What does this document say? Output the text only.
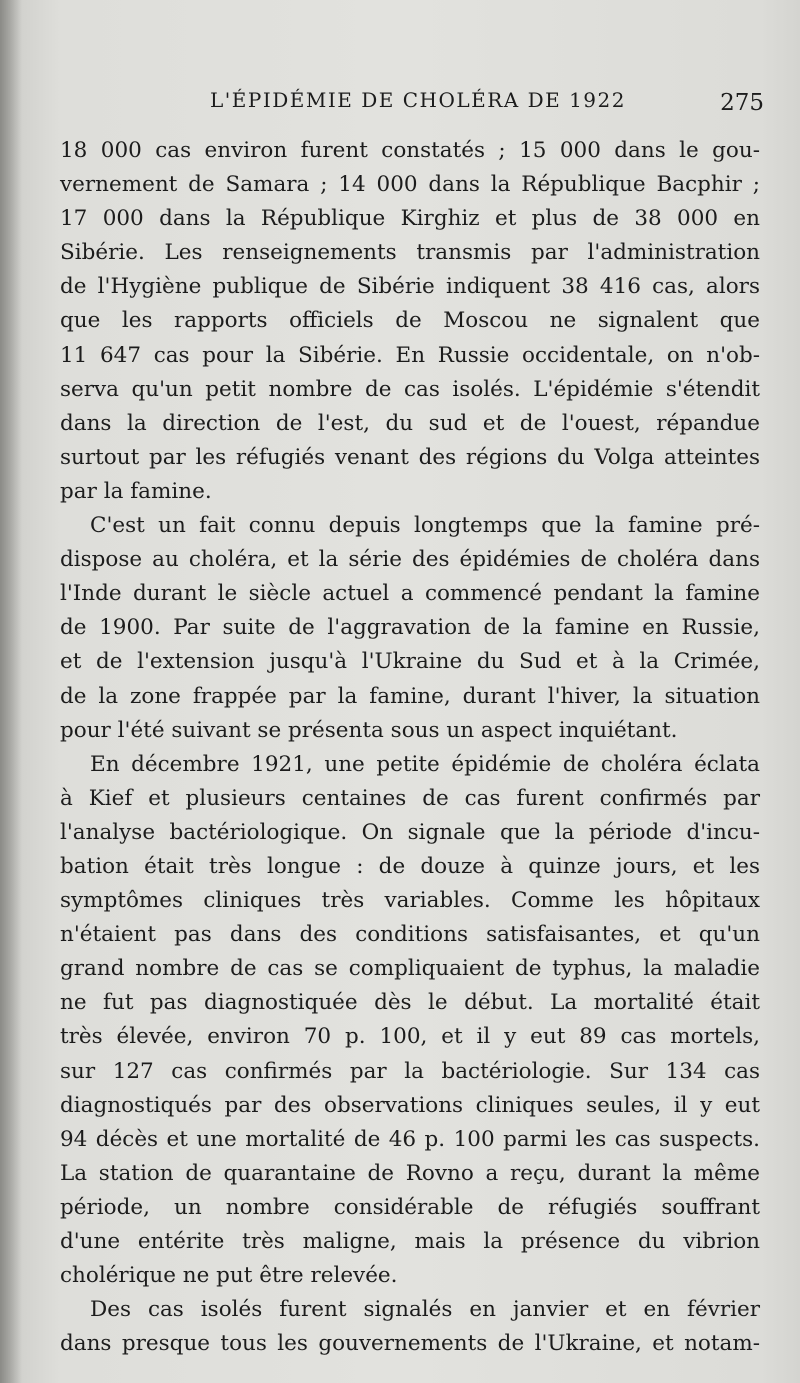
L'ÉPIDÉMIE DE CHOLÉRA DE 1922	275
18 000 cas environ furent constatés ; 15 000 dans le gou-
vernement de Samara ; 14 000 dans la République Bacphir ;
17 000 dans la République Kirghiz et plus de 38 000 en
Sibérie. Les renseignements transmis par l'administration
de l'Hygiène publique de Sibérie indiquent 38 416 cas, alors
que les rapports officiels de Moscou ne signalent que
11 647 cas pour la Sibérie. En Russie occidentale, on n'ob-
serva qu'un petit nombre de cas isolés. L'épidémie s'étendit
dans la direction de l'est, du sud et de l'ouest, répandue
surtout par les réfugiés venant des régions du Volga atteintes
par la famine.
C'est un fait connu depuis longtemps que la famine pré-
dispose au choléra, et la série des épidémies de choléra dans
l'Inde durant le siècle actuel a commencé pendant la famine
de 1900. Par suite de l'aggravation de la famine en Russie,
et de l'extension jusqu'à l'Ukraine du Sud et à la Crimée,
de la zone frappée par la famine, durant l'hiver, la situation
pour l'été suivant se présenta sous un aspect inquiétant.
En décembre 1921, une petite épidémie de choléra éclata
à Kief et plusieurs centaines de cas furent confirmés par
l'analyse bactériologique. On signale que la période d'incu-
bation était très longue : de douze à quinze jours, et les
symptômes cliniques très variables. Comme les hôpitaux
n'étaient pas dans des conditions satisfaisantes, et qu'un
grand nombre de cas se compliquaient de typhus, la maladie
ne fut pas diagnostiquée dès le début. La mortalité était
très élevée, environ 70 p. 100, et il y eut 89 cas mortels,
sur 127 cas confirmés par la bactériologie. Sur 134 cas
diagnostiqués par des observations cliniques seules, il y eut
94 décès et une mortalité de 46 p. 100 parmi les cas suspects.
La station de quarantaine de Rovno a reçu, durant la même
période, un nombre considérable de réfugiés souffrant
d'une entérite très maligne, mais la présence du vibrion
cholérique ne put être relevée.
Des cas isolés furent signalés en janvier et en février
dans presque tous les gouvernements de l'Ukraine, et notam-
